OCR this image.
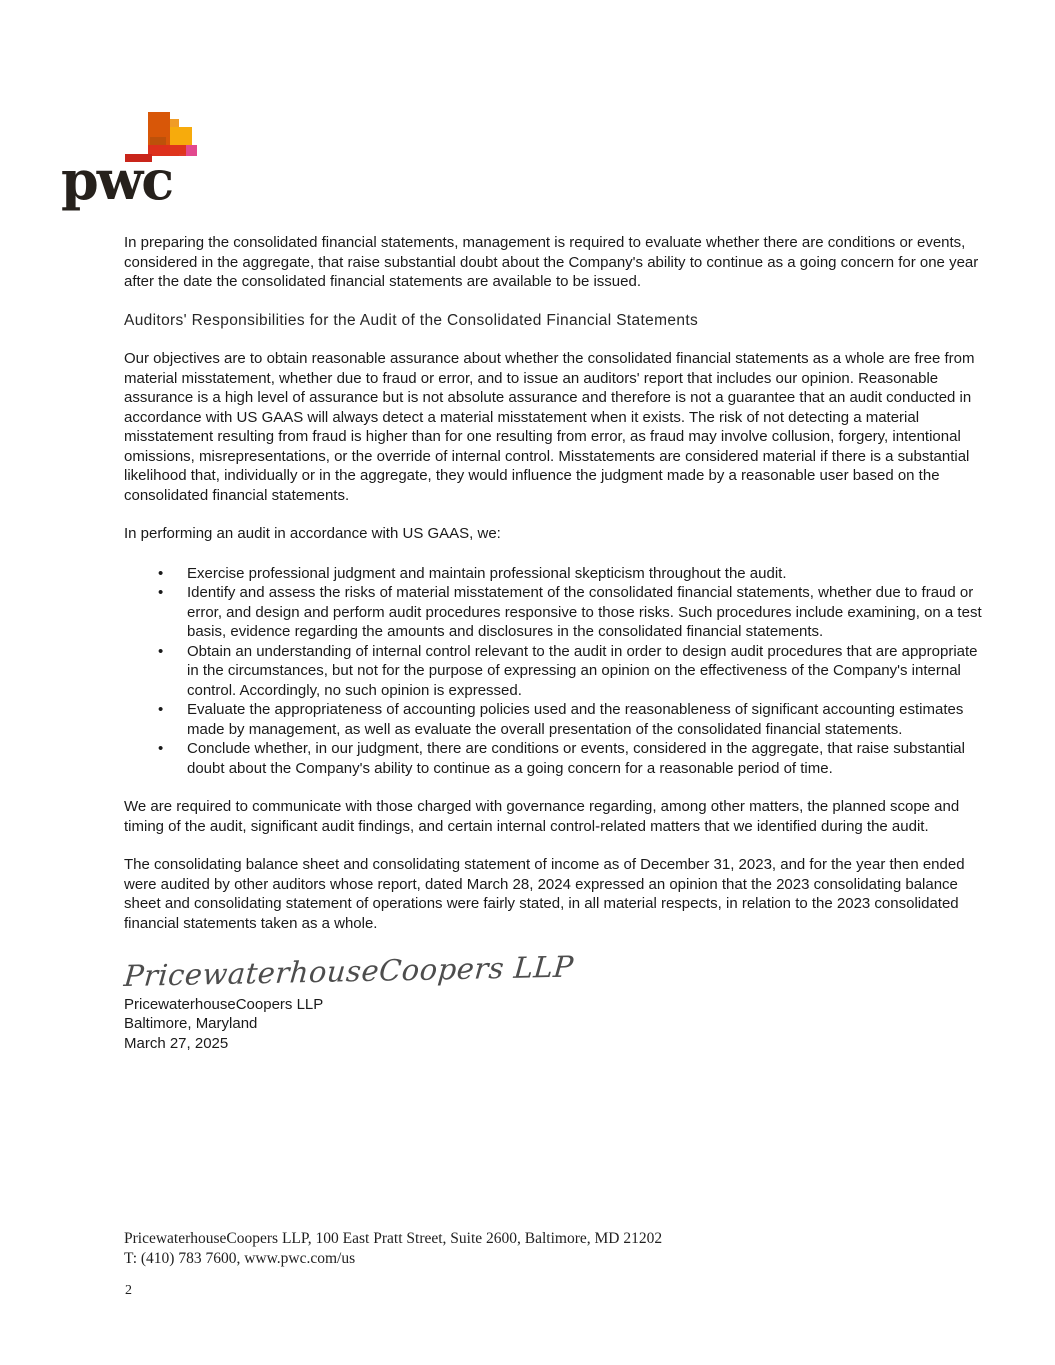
pwc

In preparing the consolidated financial statements, management is required to evaluate whether there are conditions or events, considered in the aggregate, that raise substantial doubt about the Company's ability to continue as a going concern for one year after the date the consolidated financial statements are available to be issued.

Auditors' Responsibilities for the Audit of the Consolidated Financial Statements

Our objectives are to obtain reasonable assurance about whether the consolidated financial statements as a whole are free from material misstatement, whether due to fraud or error, and to issue an auditors' report that includes our opinion. Reasonable assurance is a high level of assurance but is not absolute assurance and therefore is not a guarantee that an audit conducted in accordance with US GAAS will always detect a material misstatement when it exists. The risk of not detecting a material misstatement resulting from fraud is higher than for one resulting from error, as fraud may involve collusion, forgery, intentional omissions, misrepresentations, or the override of internal control. Misstatements are considered material if there is a substantial likelihood that, individually or in the aggregate, they would influence the judgment made by a reasonable user based on the consolidated financial statements.

In performing an audit in accordance with US GAAS, we:

• Exercise professional judgment and maintain professional skepticism throughout the audit.
• Identify and assess the risks of material misstatement of the consolidated financial statements, whether due to fraud or error, and design and perform audit procedures responsive to those risks. Such procedures include examining, on a test basis, evidence regarding the amounts and disclosures in the consolidated financial statements.
• Obtain an understanding of internal control relevant to the audit in order to design audit procedures that are appropriate in the circumstances, but not for the purpose of expressing an opinion on the effectiveness of the Company's internal control. Accordingly, no such opinion is expressed.
• Evaluate the appropriateness of accounting policies used and the reasonableness of significant accounting estimates made by management, as well as evaluate the overall presentation of the consolidated financial statements.
• Conclude whether, in our judgment, there are conditions or events, considered in the aggregate, that raise substantial doubt about the Company's ability to continue as a going concern for a reasonable period of time.

We are required to communicate with those charged with governance regarding, among other matters, the planned scope and timing of the audit, significant audit findings, and certain internal control-related matters that we identified during the audit.

The consolidating balance sheet and consolidating statement of income as of December 31, 2023, and for the year then ended were audited by other auditors whose report, dated March 28, 2024 expressed an opinion that the 2023 consolidating balance sheet and consolidating statement of operations were fairly stated, in all material respects, in relation to the 2023 consolidated financial statements taken as a whole.

PricewaterhouseCoopers LLP
PricewaterhouseCoopers LLP
Baltimore, Maryland
March 27, 2025
PricewaterhouseCoopers LLP, 100 East Pratt Street, Suite 2600, Baltimore, MD 21202
T: (410) 783 7600, www.pwc.com/us
2
